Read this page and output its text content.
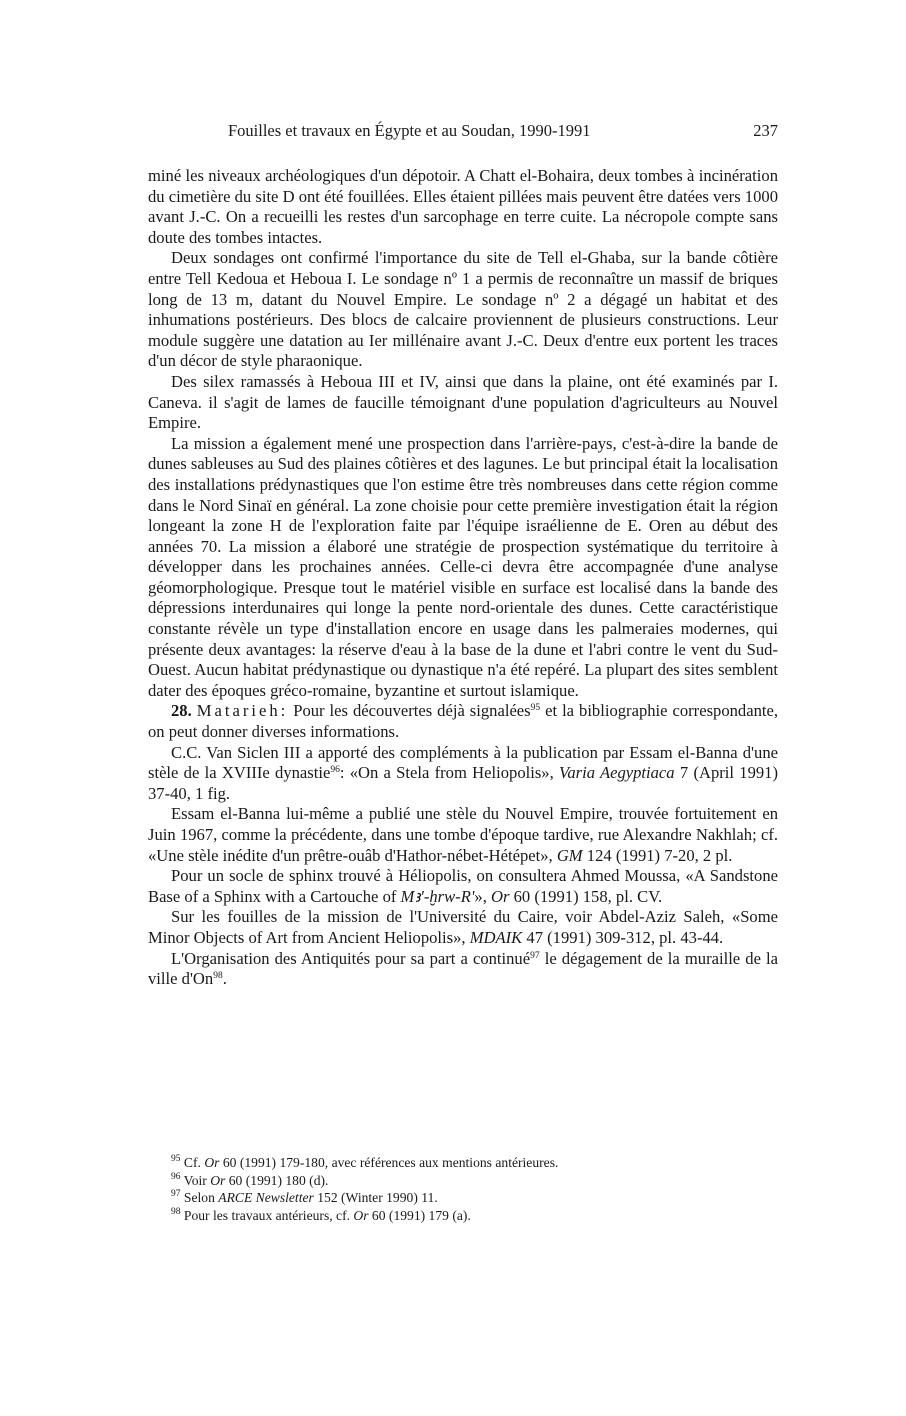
Fouilles et travaux en Égypte et au Soudan, 1990-1991	237

miné les niveaux archéologiques d'un dépotoir. A Chatt el-Bohaira, deux tombes à incinération du cimetière du site D ont été fouillées. Elles étaient pillées mais peuvent être datées vers 1000 avant J.-C. On a recueilli les restes d'un sarcophage en terre cuite. La nécropole compte sans doute des tombes intactes.

Deux sondages ont confirmé l'importance du site de Tell el-Ghaba, sur la bande côtière entre Tell Kedoua et Heboua I. Le sondage nº 1 a permis de reconnaître un massif de briques long de 13 m, datant du Nouvel Empire. Le sondage nº 2 a dégagé un habitat et des inhumations postérieurs. Des blocs de calcaire proviennent de plusieurs constructions. Leur module suggère une datation au Ier millénaire avant J.-C. Deux d'entre eux portent les traces d'un décor de style pharaonique.

Des silex ramassés à Heboua III et IV, ainsi que dans la plaine, ont été examinés par I. Caneva. il s'agit de lames de faucille témoignant d'une population d'agriculteurs au Nouvel Empire.

La mission a également mené une prospection dans l'arrière-pays, c'est-à-dire la bande de dunes sableuses au Sud des plaines côtières et des lagunes. Le but principal était la localisation des installations prédynastiques que l'on estime être très nombreuses dans cette région comme dans le Nord Sinaï en général. La zone choisie pour cette première investigation était la région longeant la zone H de l'exploration faite par l'équipe israélienne de E. Oren au début des années 70. La mission a élaboré une stratégie de prospection systématique du territoire à développer dans les prochaines années. Celle-ci devra être accompagnée d'une analyse géomorphologique. Presque tout le matériel visible en surface est localisé dans la bande des dépressions interdunaires qui longe la pente nord-orientale des dunes. Cette caractéristique constante révèle un type d'installation encore en usage dans les palmeraies modernes, qui présente deux avantages: la réserve d'eau à la base de la dune et l'abri contre le vent du Sud-Ouest. Aucun habitat prédynastique ou dynastique n'a été repéré. La plupart des sites semblent dater des époques gréco-romaine, byzantine et surtout islamique.

28. Matarieh: Pour les découvertes déjà signalées$^{95}$ et la bibliographie correspondante, on peut donner diverses informations.

C.C. Van Siclen III a apporté des compléments à la publication par Essam el-Banna d'une stèle de la XVIIIe dynastie$^{96}$: «On a Stela from Heliopolis», Varia Aegyptiaca 7 (April 1991) 37-40, 1 fig.

Essam el-Banna lui-même a publié une stèle du Nouvel Empire, trouvée fortuitement en Juin 1967, comme la précédente, dans une tombe d'époque tardive, rue Alexandre Nakhlah; cf. «Une stèle inédite d'un prêtre-ouâb d'Hathor-nébet-Hétépet», GM 124 (1991) 7-20, 2 pl.

Pour un socle de sphinx trouvé à Héliopolis, on consultera Ahmed Moussa, «A Sandstone Base of a Sphinx with a Cartouche of Mꜣ'-ḫrw-R'», Or 60 (1991) 158, pl. CV.

Sur les fouilles de la mission de l'Université du Caire, voir Abdel-Aziz Saleh, «Some Minor Objects of Art from Ancient Heliopolis», MDAIK 47 (1991) 309-312, pl. 43-44.

L'Organisation des Antiquités pour sa part a continué$^{97}$ le dégagement de la muraille de la ville d'On$^{98}$.

$^{95}$ Cf. Or 60 (1991) 179-180, avec références aux mentions antérieures.
$^{96}$ Voir Or 60 (1991) 180 (d).
$^{97}$ Selon ARCE Newsletter 152 (Winter 1990) 11.
$^{98}$ Pour les travaux antérieurs, cf. Or 60 (1991) 179 (a).
